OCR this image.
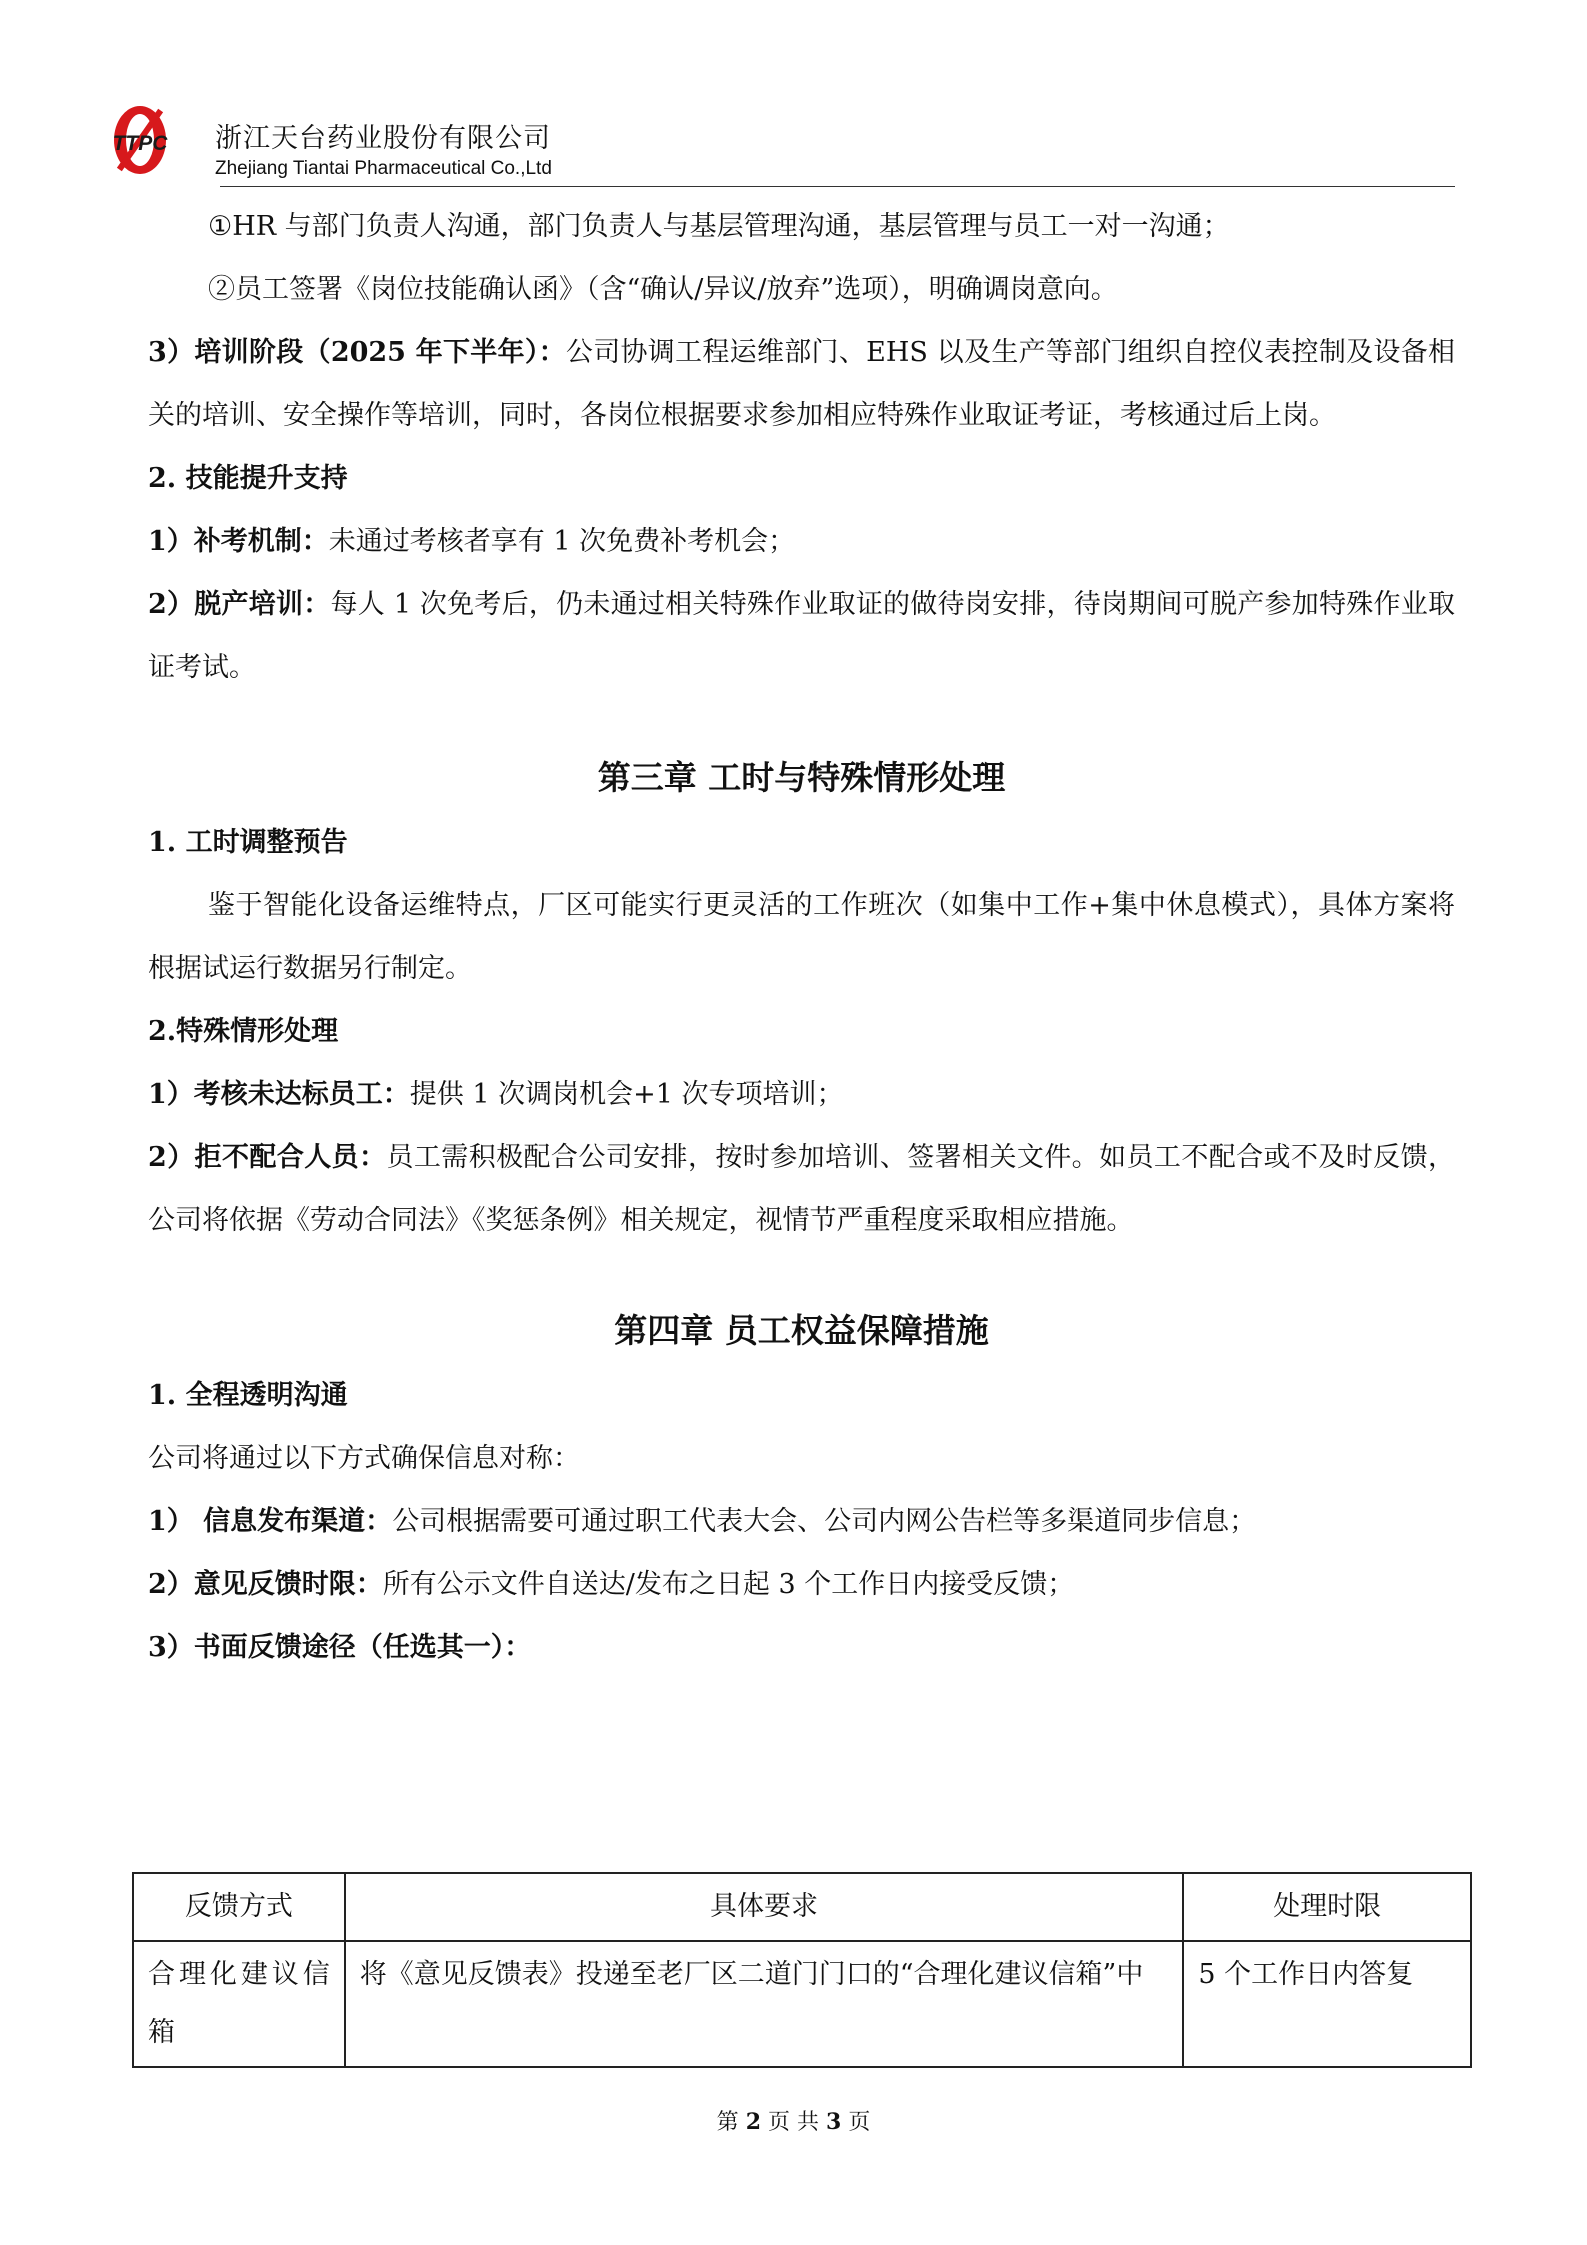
TTPC 浙江天台药业股份有限公司
Zhejiang Tiantai Pharmaceutical Co.,Ltd

①HR 与部门负责人沟通，部门负责人与基层管理沟通，基层管理与员工一对一沟通；

②员工签署《岗位技能确认函》（含“确认/异议/放弃”选项），明确调岗意向。

3）培训阶段（2025 年下半年）：公司协调工程运维部门、EHS 以及生产等部门组织自控仪表控制及设备相关的培训、安全操作等培训，同时，各岗位根据要求参加相应特殊作业取证考证，考核通过后上岗。

2. 技能提升支持

1）补考机制：未通过考核者享有 1 次免费补考机会；

2）脱产培训：每人 1 次免考后，仍未通过相关特殊作业取证的做待岗安排，待岗期间可脱产参加特殊作业取证考试。

第三章 工时与特殊情形处理

1. 工时调整预告

鉴于智能化设备运维特点，厂区可能实行更灵活的工作班次（如集中工作+集中休息模式），具体方案将根据试运行数据另行制定。

2.特殊情形处理

1）考核未达标员工：提供 1 次调岗机会+1 次专项培训；

2）拒不配合人员：员工需积极配合公司安排，按时参加培训、签署相关文件。如员工不配合或不及时反馈，公司将依据《劳动合同法》《奖惩条例》相关规定，视情节严重程度采取相应措施。

第四章 员工权益保障措施

1. 全程透明沟通

公司将通过以下方式确保信息对称：

1） 信息发布渠道：公司根据需要可通过职工代表大会、公司内网公告栏等多渠道同步信息；

2）意见反馈时限：所有公示文件自送达/发布之日起 3 个工作日内接受反馈；

3）书面反馈途径（任选其一）：

反馈方式	具体要求	处理时限
合理化建议信箱	将《意见反馈表》投递至老厂区二道门门口的“合理化建议信箱”中	5 个工作日内答复
第 2 页 共 3 页
